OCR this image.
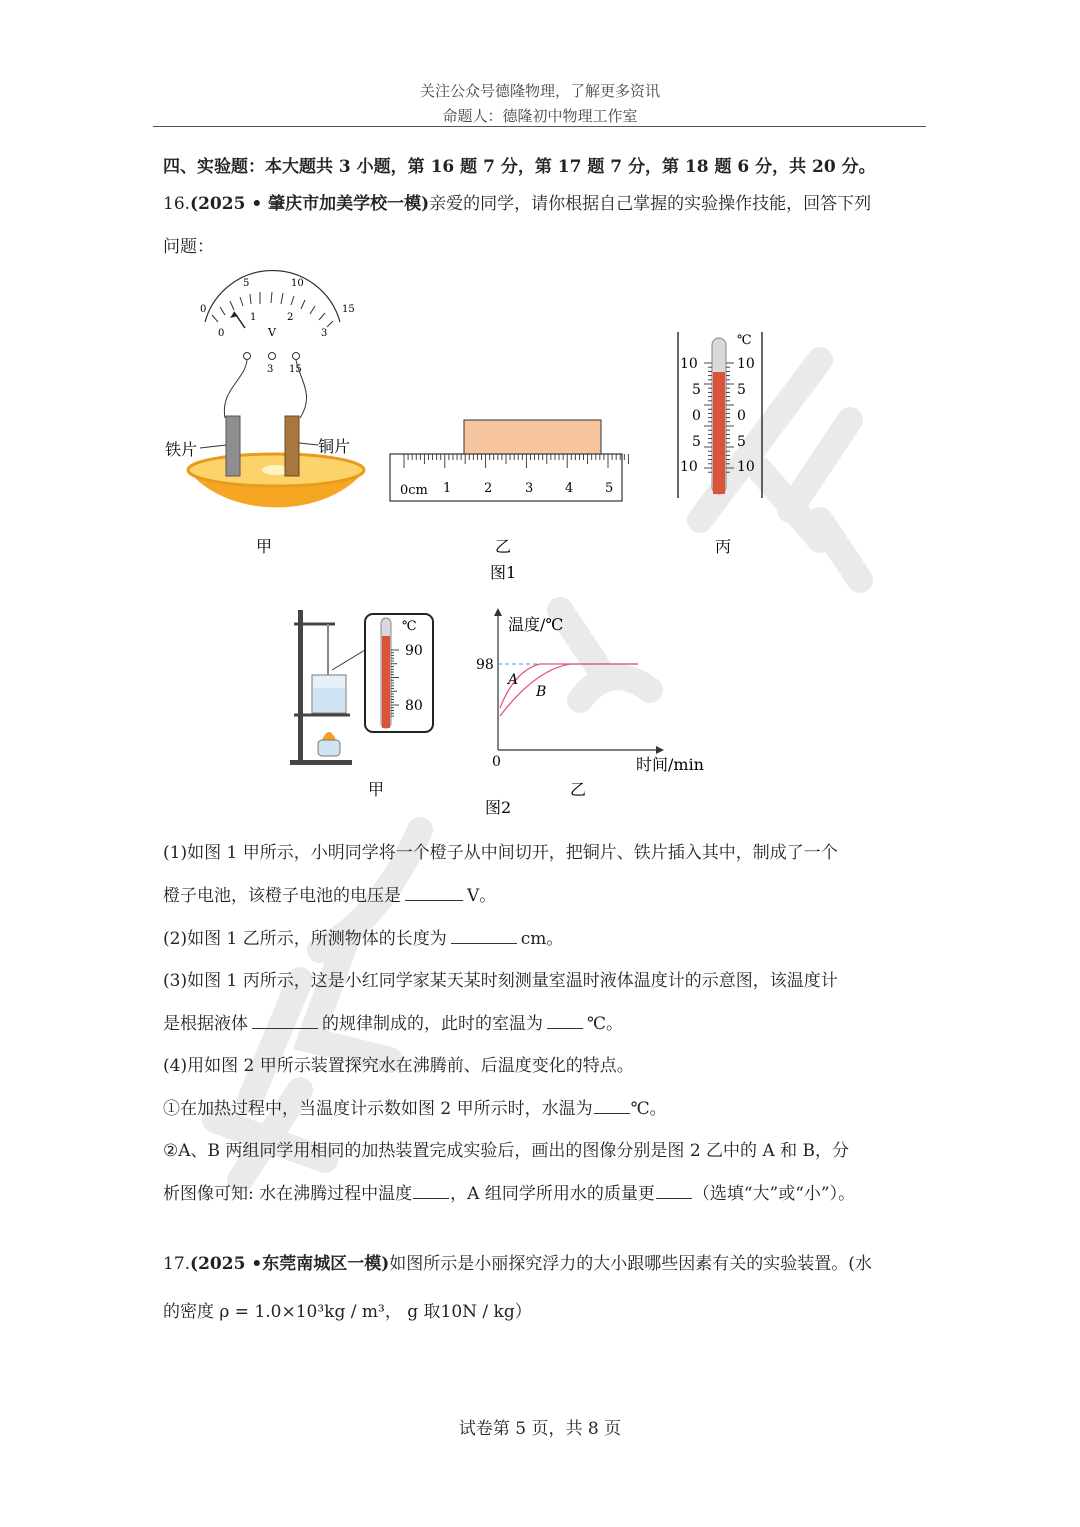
关注公众号德隆物理，了解更多资讯
命题人：德隆初中物理工作室
四、实验题：本大题共 3 小题，第 16 题 7 分，第 17 题 7 分，第 18 题 6 分，共 20 分。
16.(2025 • 肇庆市加美学校一模)亲爱的同学，请你根据自己掌握的实验操作技能，回答下列
问题：
0
5	10
15
0
1	2
3
V
3 15
铁片	铜片
甲
0cm 1	2	3 4 5
乙
℃
10
5
0
5
10
10
5
0
5
10
丙
图1
℃
90
80
甲
温度/℃
时间/min
0
98
A
B
乙
图2
(1)如图 1 甲所示，小明同学将一个橙子从中间切开，把铜片、铁片插入其中，制成了一个
橙子电池，该橙子电池的电压是	V。
(2)如图 1 乙所示，所测物体的长度为	cm。
(3)如图 1 丙所示，这是小红同学家某天某时刻测量室温时液体温度计的示意图，该温度计
是根据液体	的规律制成的，此时的室温为	℃。
(4)用如图 2 甲所示装置探究水在沸腾前、后温度变化的特点。
①在加热过程中，当温度计示数如图 2 甲所示时，水温为 ℃。
②A、B 两组同学用相同的加热装置完成实验后，画出的图像分别是图 2 乙中的 A 和 B，分
析图像可知: 水在沸腾过程中温度 ，A 组同学所用水的质量更 （选填“大”或“小”）。
17.(2025 •东莞南城区一模)如图所示是小丽探究浮力的大小跟哪些因素有关的实验装置。(水
的密度 ρ = 1.0×10³kg / m³， g 取10N / kg）
试卷第 5 页，共 8 页
